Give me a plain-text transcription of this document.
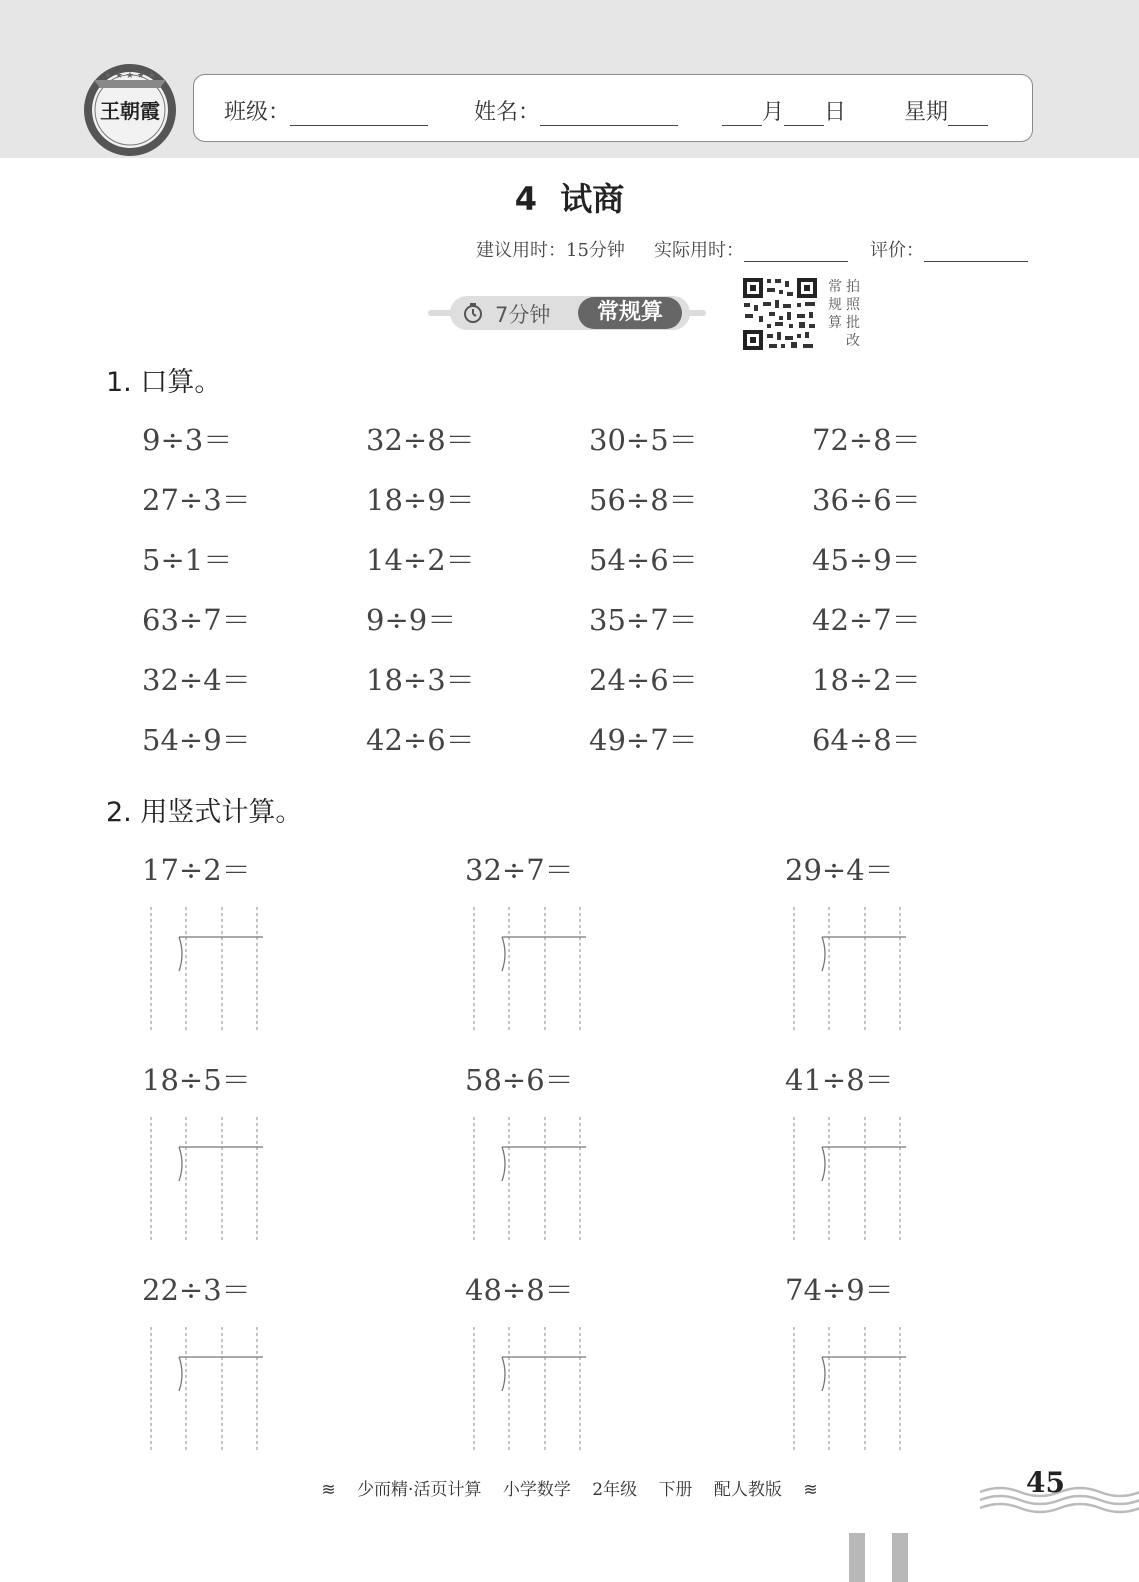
★ ★ ★ ★ ★
王朝霞	班级：	姓名：	月 日	星期
4 试商
建议用时：15分钟 实际用时：	评价：
7分钟	常规算
常
规
算
拍
照
批
改
1. 口算。
9÷3＝	32÷8＝	30÷5＝	72÷8＝
27÷3＝	18÷9＝	56÷8＝	36÷6＝
5÷1＝	14÷2＝	54÷6＝	45÷9＝
63÷7＝	9÷9＝	35÷7＝	42÷7＝
32÷4＝	18÷3＝	24÷6＝	18÷2＝
54÷9＝	42÷6＝	49÷7＝	64÷8＝
2. 用竖式计算。
17÷2＝	32÷7＝	29÷4＝
18÷5＝	58÷6＝	41÷8＝
22÷3＝	48÷8＝	74÷9＝
≋ 少而精·活页计算 小学数学 2年级 下册 配人教版 ≋	45
